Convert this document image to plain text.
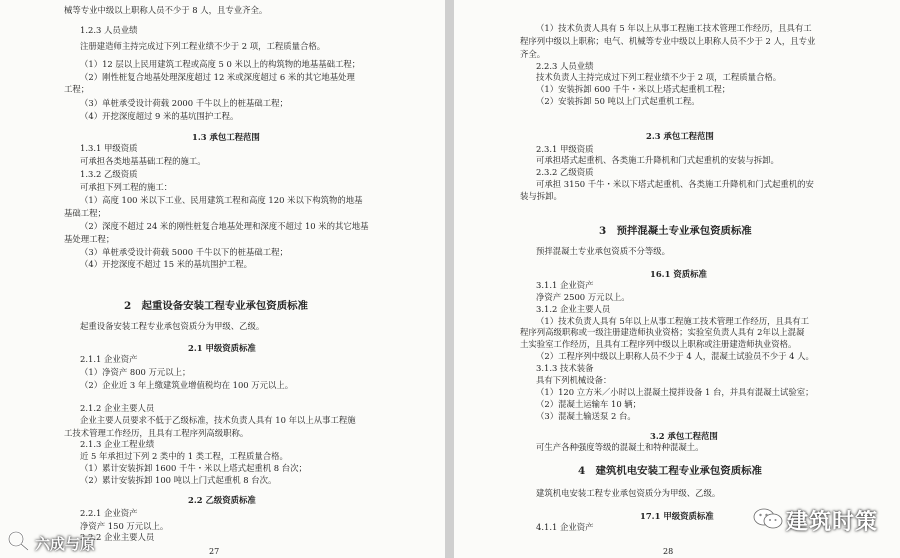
械等专业中级以上职称人员不少于 8 人，且专业齐全。
1.2.3 人员业绩
注册建造师主持完成过下列工程业绩不少于 2 项，工程质量合格。
（1）12 层以上民用建筑工程或高度 5 0 米以上的构筑物的地基基础工程；
（2）刚性桩复合地基处理深度超过 12 米或深度超过 6 米的其它地基处理
工程；
（3）单桩承受设计荷载 2000 千牛以上的桩基础工程；
（4）开挖深度超过 9 米的基坑围护工程。
1.3 承包工程范围
1.3.1 甲级资质
可承担各类地基基础工程的施工。
1.3.2 乙级资质
可承担下列工程的施工：
（1）高度 100 米以下工业、民用建筑工程和高度 120 米以下构筑物的地基
基础工程；
（2）深度不超过 24 米的刚性桩复合地基处理和深度不超过 10 米的其它地基
基处理工程；
（3）单桩承受设计荷载 5000 千牛以下的桩基础工程；
（4）开挖深度不超过 15 米的基坑围护工程。
2　起重设备安装工程专业承包资质标准
起重设备安装工程专业承包资质分为甲级、乙级。
2.1 甲级资质标准
2.1.1 企业资产
（1）净资产 800 万元以上；
（2）企业近 3 年上缴建筑业增值税均在 100 万元以上。
2.1.2 企业主要人员
企业主要人员要求不低于乙级标准，技术负责人具有 10 年以上从事工程施
工技术管理工作经历，且具有工程序列高级职称。
2.1.3 企业工程业绩
近 5 年承担过下列 2 类中的 1 类工程，工程质量合格。
（1）累计安装拆卸 1600 千牛・米以上塔式起重机 8 台次；
（2）累计安装拆卸 100 吨以上门式起重机 8 台次。
2.2 乙级资质标准
2.2.1 企业资产
净资产 150 万元以上。
2.2.2 企业主要人员
27
（1）技术负责人具有 5 年以上从事工程施工技术管理工作经历，且具有工
程序列中级以上职称；电气、机械等专业中级以上职称人员不少于 2 人，且专业
齐全。
2.2.3 人员业绩
技术负责人主持完成过下列工程业绩不少于 2 项，工程质量合格。
（1）安装拆卸 600 千牛・米以上塔式起重机工程；
（2）安装拆卸 50 吨以上门式起重机工程。
2.3 承包工程范围
2.3.1 甲级资质
可承担塔式起重机、各类施工升降机和门式起重机的安装与拆卸。
2.3.2 乙级资质
可承担 3150 千牛・米以下塔式起重机、各类施工升降机和门式起重机的安
装与拆卸。
3　预拌混凝土专业承包资质标准
预拌混凝土专业承包资质不分等级。
16.1 资质标准
3.1.1 企业资产
净资产 2500 万元以上。
3.1.2 企业主要人员
（1）技术负责人具有 5年以上从事工程施工技术管理工作经历，且具有工
程序列高级职称或一级注册建造师执业资格；实验室负责人具有 2年以上混凝
土实验室工作经历，且具有工程序列中级以上职称或注册建造师执业资格。
（2）工程序列中级以上职称人员不少于 4 人，混凝土试验员不少于 4 人。
3.1.3 技术装备
具有下列机械设备：
（1）120 立方米／小时以上混凝土搅拌设备 1 台，并具有混凝土试验室；
（2）混凝土运输车 10 辆；
（3）混凝土输送泵 2 台。
3.2 承包工程范围
可生产各种强度等级的混凝土和特种混凝土。
4　建筑机电安装工程专业承包资质标准
建筑机电安装工程专业承包资质分为甲级、乙级。
17.1 甲级资质标准
4.1.1 企业资产
28
六成与原
建筑时策
